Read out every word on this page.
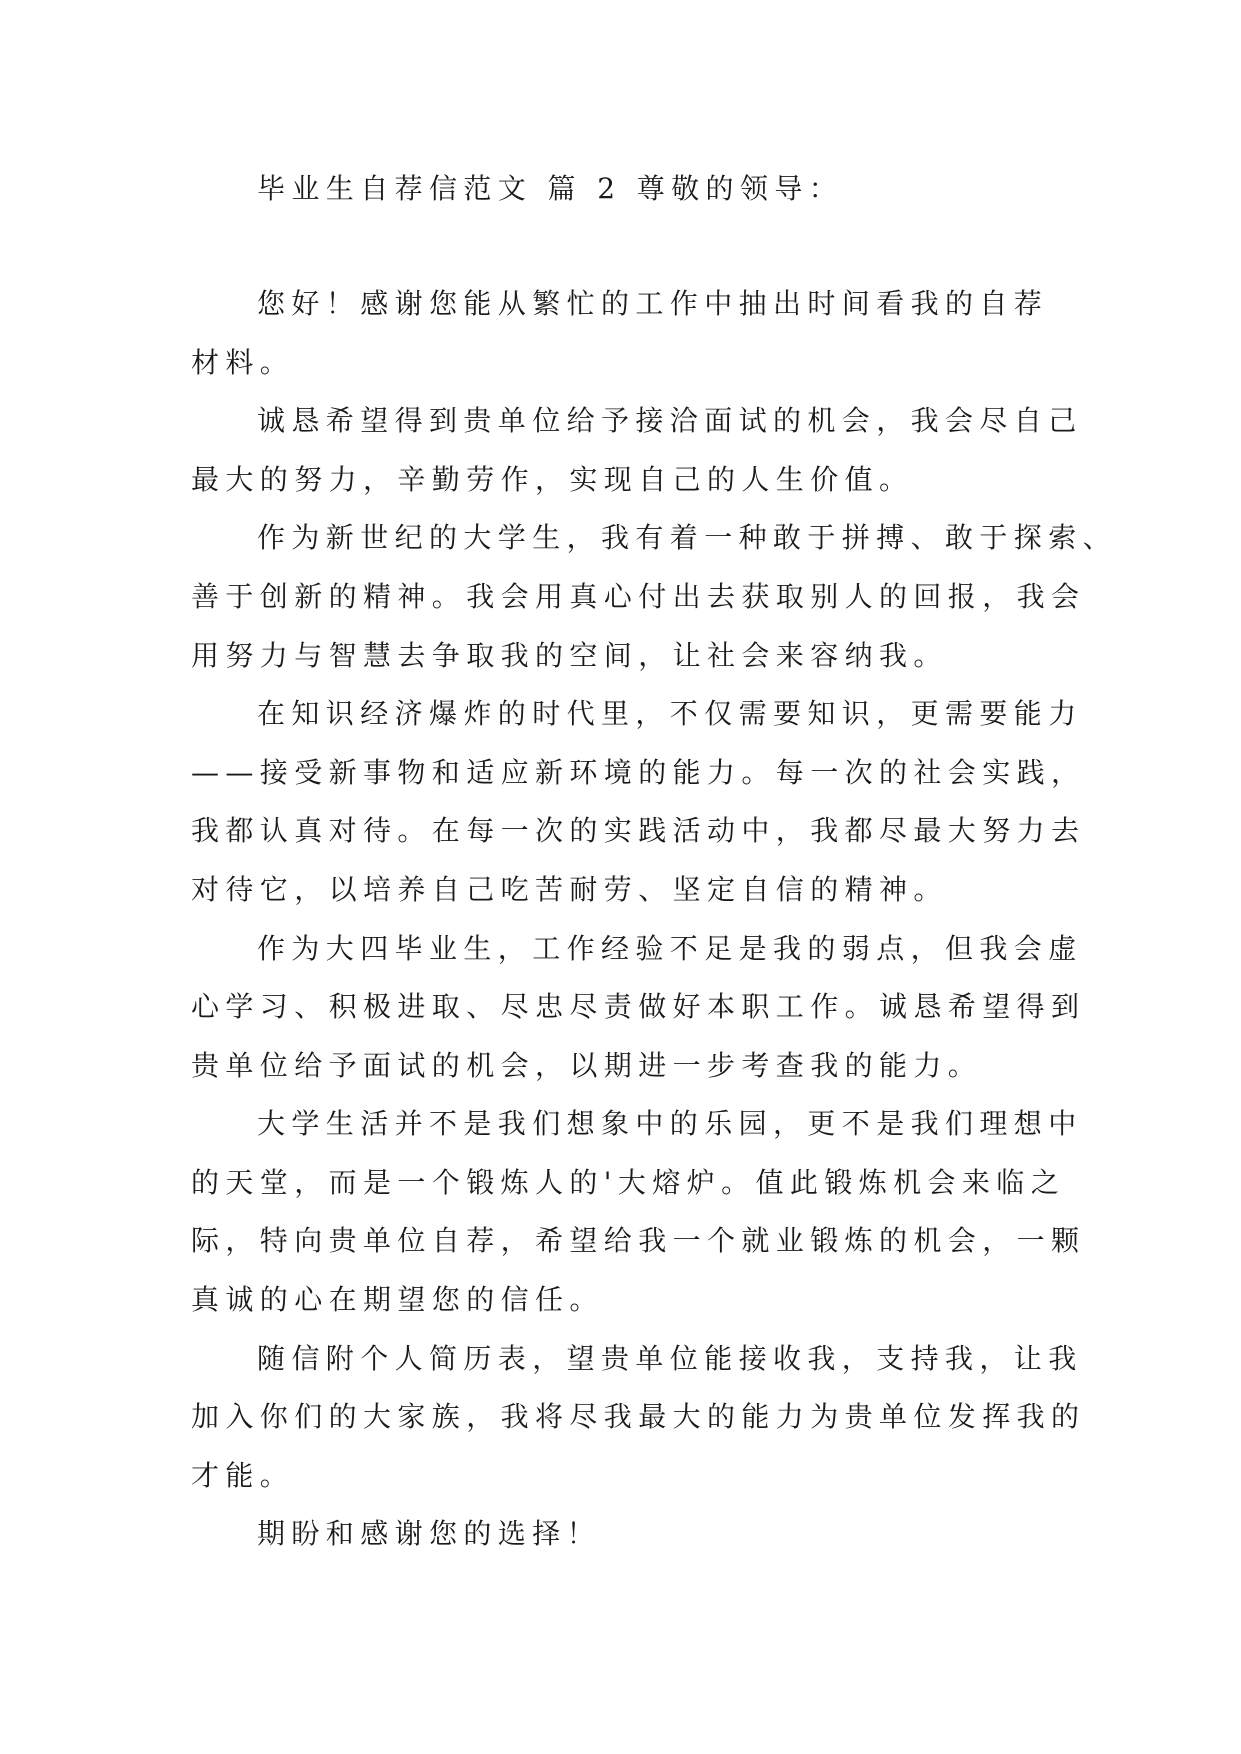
毕业生自荐信范文 篇 2 尊敬的领导：
您好！感谢您能从繁忙的工作中抽出时间看我的自荐
材料。
诚恳希望得到贵单位给予接洽面试的机会，我会尽自己
最大的努力，辛勤劳作，实现自己的人生价值。
作为新世纪的大学生，我有着一种敢于拼搏、敢于探索、
善于创新的精神。我会用真心付出去获取别人的回报，我会
用努力与智慧去争取我的空间，让社会来容纳我。
在知识经济爆炸的时代里，不仅需要知识，更需要能力
——接受新事物和适应新环境的能力。每一次的社会实践，
我都认真对待。在每一次的实践活动中，我都尽最大努力去
对待它，以培养自己吃苦耐劳、坚定自信的精神。
作为大四毕业生，工作经验不足是我的弱点，但我会虚
心学习、积极进取、尽忠尽责做好本职工作。诚恳希望得到
贵单位给予面试的机会，以期进一步考查我的能力。
大学生活并不是我们想象中的乐园，更不是我们理想中
的天堂，而是一个锻炼人的'大熔炉。值此锻炼机会来临之
际，特向贵单位自荐，希望给我一个就业锻炼的机会，一颗
真诚的心在期望您的信任。
随信附个人简历表，望贵单位能接收我，支持我，让我
加入你们的大家族，我将尽我最大的能力为贵单位发挥我的
才能。
期盼和感谢您的选择！
